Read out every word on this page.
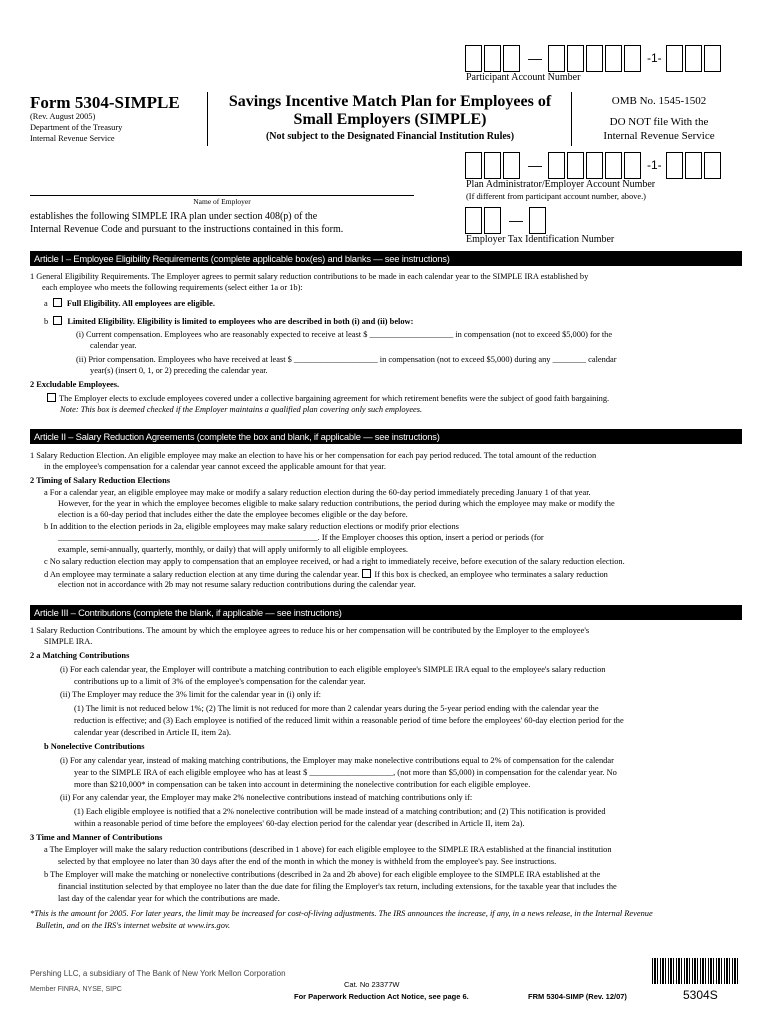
—	-1-
Participant Account Number
Form 5304-SIMPLE
(Rev. August 2005)
Department of the Treasury
Internal Revenue Service
Savings Incentive Match Plan for Employees of
Small Employers (SIMPLE)
(Not subject to the Designated Financial Institution Rules)
OMB No. 1545-1502
DO NOT file With the
Internal Revenue Service
—	-1-
Plan Administrator/Employer Account Number
(If different from participant account number, above.)
Name of Employer
establishes the following SIMPLE IRA plan under section 408(p) of the
Internal Revenue Code and pursuant to the instructions contained in this form.
—
Employer Tax Identification Number
Article I – Employee Eligibility Requirements (complete applicable box(es) and blanks — see instructions)
1 General Eligibility Requirements. The Employer agrees to permit salary reduction contributions to be made in each calendar year to the SIMPLE IRA established by
each employee who meets the following requirements (select either 1a or 1b):
a  Full Eligibility. All employees are eligible.
b  Limited Eligibility. Eligibility is limited to employees who are described in both (i) and (ii) below:
(i) Current compensation. Employees who are reasonably expected to receive at least $ ____________________ in compensation (not to exceed $5,000) for the
calendar year.
(ii) Prior compensation. Employees who have received at least $ ____________________ in compensation (not to exceed $5,000) during any ________ calendar
year(s) (insert 0, 1, or 2) preceding the calendar year.
2 Excludable Employees.
The Employer elects to exclude employees covered under a collective bargaining agreement for which retirement benefits were the subject of good faith bargaining.
Note: This box is deemed checked if the Employer maintains a qualified plan covering only such employees.
Article II – Salary Reduction Agreements (complete the box and blank, if applicable — see instructions)
1 Salary Reduction Election. An eligible employee may make an election to have his or her compensation for each pay period reduced. The total amount of the reduction
in the employee's compensation for a calendar year cannot exceed the applicable amount for that year.
2 Timing of Salary Reduction Elections
a For a calendar year, an eligible employee may make or modify a salary reduction election during the 60-day period immediately preceding January 1 of that year.
However, for the year in which the employee becomes eligible to make salary reduction contributions, the period during which the employee may make or modify the
election is a 60-day period that includes either the date the employee becomes eligible or the day before.
b In addition to the election periods in 2a, eligible employees may make salary reduction elections or modify prior elections
______________________________________________________________. If the Employer chooses this option, insert a period or periods (for
example, semi-annually, quarterly, monthly, or daily) that will apply uniformly to all eligible employees.
c No salary reduction election may apply to compensation that an employee received, or had a right to immediately receive, before execution of the salary reduction election.
d An employee may terminate a salary reduction election at any time during the calendar year. If this box is checked, an employee who terminates a salary reduction
election not in accordance with 2b may not resume salary reduction contributions during the calendar year.
Article III – Contributions (complete the blank, if applicable — see instructions)
1 Salary Reduction Contributions. The amount by which the employee agrees to reduce his or her compensation will be contributed by the Employer to the employee's
SIMPLE IRA.
2 a Matching Contributions
(i) For each calendar year, the Employer will contribute a matching contribution to each eligible employee's SIMPLE IRA equal to the employee's salary reduction
contributions up to a limit of 3% of the employee's compensation for the calendar year.
(ii) The Employer may reduce the 3% limit for the calendar year in (i) only if:
(1) The limit is not reduced below 1%; (2) The limit is not reduced for more than 2 calendar years during the 5-year period ending with the calendar year the
reduction is effective; and (3) Each employee is notified of the reduced limit within a reasonable period of time before the employees' 60-day election period for the
calendar year (described in Article II, item 2a).
b Nonelective Contributions
(i) For any calendar year, instead of making matching contributions, the Employer may make nonelective contributions equal to 2% of compensation for the calendar
year to the SIMPLE IRA of each eligible employee who has at least $ ____________________, (not more than $5,000) in compensation for the calendar year. No
more than $210,000* in compensation can be taken into account in determining the nonelective contribution for each eligible employee.
(ii) For any calendar year, the Employer may make 2% nonelective contributions instead of matching contributions only if:
(1) Each eligible employee is notified that a 2% nonelective contribution will be made instead of a matching contribution; and (2) This notification is provided
within a reasonable period of time before the employees' 60-day election period for the calendar year (described in Article II, item 2a).
3 Time and Manner of Contributions
a The Employer will make the salary reduction contributions (described in 1 above) for each eligible employee to the SIMPLE IRA established at the financial institution
selected by that employee no later than 30 days after the end of the month in which the money is withheld from the employee's pay. See instructions.
b The Employer will make the matching or nonelective contributions (described in 2a and 2b above) for each eligible employee to the SIMPLE IRA established at the
financial institution selected by that employee no later than the due date for filing the Employer's tax return, including extensions, for the taxable year that includes the
last day of the calendar year for which the contributions are made.
*This is the amount for 2005. For later years, the limit may be increased for cost-of-living adjustments. The IRS announces the increase, if any, in a news release, in the Internal Revenue
Bulletin, and on the IRS's internet website at www.irs.gov.
Pershing LLC, a subsidiary of The Bank of New York Mellon Corporation
Member FINRA, NYSE, SIPC
Cat. No 23377W
For Paperwork Reduction Act Notice, see page 6.	FRM 5304-SIMP (Rev. 12/07)	5304S
